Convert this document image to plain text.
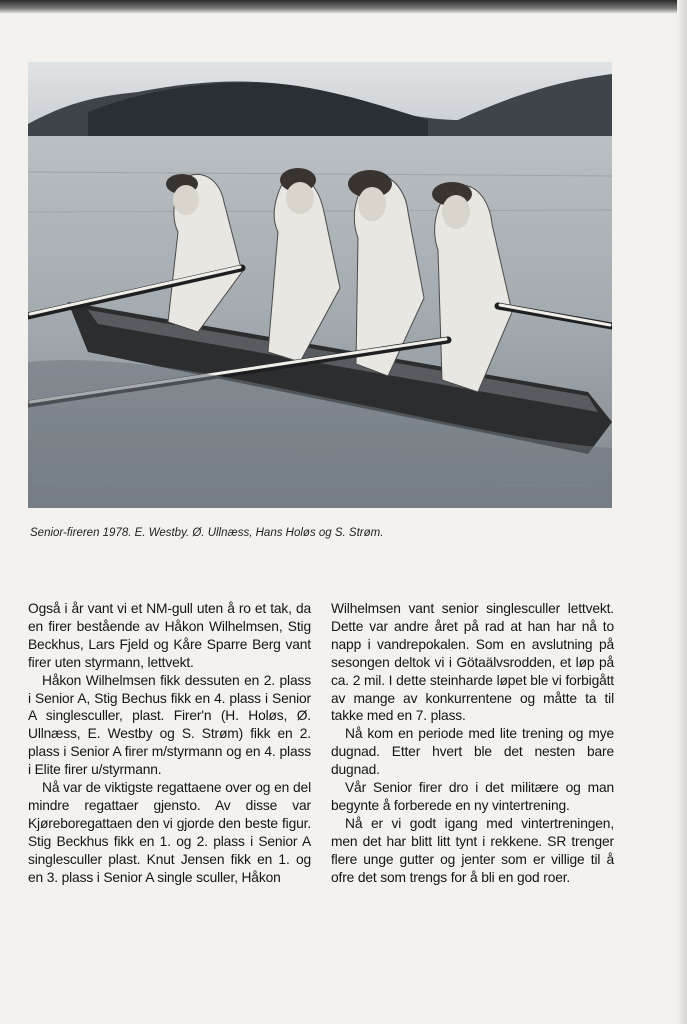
Senior-fireren 1978. E. Westby. Ø. Ullnæss, Hans Holøs og S. Strøm.

Også i år vant vi et NM-gull uten å ro et tak, da en firer bestående av Håkon Wilhelmsen, Stig Beckhus, Lars Fjeld og Kåre Sparre Berg vant firer uten styrmann, lettvekt.

Håkon Wilhelmsen fikk dessuten en 2. plass i Senior A, Stig Bechus fikk en 4. plass i Senior A singlesculler, plast. Firer'n (H. Holøs, Ø. Ullnæss, E. Westby og S. Strøm) fikk en 2. plass i Senior A firer m/styrmann og en 4. plass i Elite firer u/styrmann.

Nå var de viktigste regattaene over og en del mindre regattaer gjensto. Av disse var Kjøreboregattaen den vi gjorde den beste figur. Stig Beckhus fikk en 1. og 2. plass i Senior A singlesculler plast. Knut Jensen fikk en 1. og en 3. plass i Senior A single sculler, Håkon

Wilhelmsen vant senior singlesculler lettvekt. Dette var andre året på rad at han har nå to napp i vandrepokalen. Som en avslutning på sesongen deltok vi i Götaälvsrodden, et løp på ca. 2 mil. I dette steinharde løpet ble vi forbigått av mange av konkurrentene og måtte ta til takke med en 7. plass.

Nå kom en periode med lite trening og mye dugnad. Etter hvert ble det nesten bare dugnad.

Vår Senior firer dro i det militære og man begynte å forberede en ny vintertrening.

Nå er vi godt igang med vintertreningen, men det har blitt litt tynt i rekkene. SR trenger flere unge gutter og jenter som er villige til å ofre det som trengs for å bli en god roer.
